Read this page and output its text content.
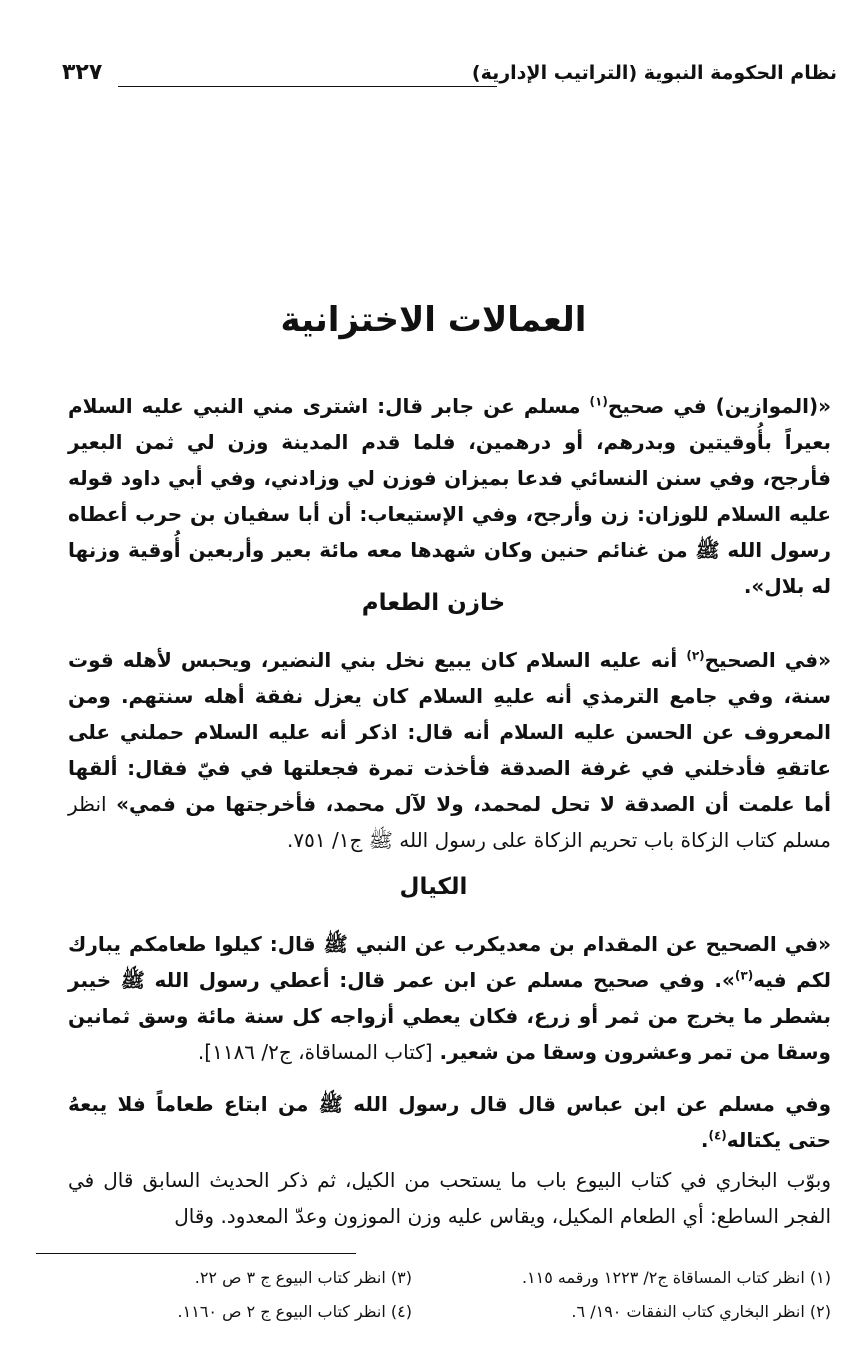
نظام الحكومة النبوية (التراتيب الإدارية)
٣٢٧
العمالات الاختزانية

«(الموازين) في صحيح$^{(١)}$ مسلم عن جابر قال: اشترى مني النبي عليه السلام بعيراً بأُوقيتين وبدرهم، أو درهمين، فلما قدم المدينة وزن لي ثمن البعير فأرجح، وفي سنن النسائي فدعا بميزان فوزن لي وزادني، وفي أبي داود قوله عليه السلام للوزان: زن وأرجح، وفي الإستيعاب: أن أبا سفيان بن حرب أعطاه رسول الله ﷺ من غنائم حنين وكان شهدها معه مائة بعير وأربعين أُوقية وزنها له بلال».

خازن الطعام

«في الصحيح$^{(٢)}$ أنه عليه السلام كان يبيع نخل بني النضير، ويحبس لأهله قوت سنة، وفي جامع الترمذي أنه عليهِ السلام كان يعزل نفقة أهله سنتهم. ومن المعروف عن الحسن عليه السلام أنه قال: اذكر أنه عليه السلام حملني على عاتقهِ فأدخلني في غرفة الصدقة فأخذت تمرة فجعلتها في فيّ فقال: ألقها أما علمت أن الصدقة لا تحل لمحمد، ولا لآل محمد، فأخرجتها من فمي» انظر مسلم كتاب الزكاة باب تحريم الزكاة على رسول الله ﷺ ج١/ ٧٥١.

الكيال

«في الصحيح عن المقدام بن معديكرب عن النبي ﷺ قال: كيلوا طعامكم يبارك لكم فيه$^{(٣)}$». وفي صحيح مسلم عن ابن عمر قال: أعطي رسول الله ﷺ خيبر بشطر ما يخرج من ثمر أو زرع، فكان يعطي أزواجه كل سنة مائة وسق ثمانين وسقا من تمر وعشرون وسقا من شعير. [كتاب المساقاة، ج٢/ ١١٨٦].

وفي مسلم عن ابن عباس قال قال رسول الله ﷺ من ابتاع طعاماً فلا يبعهُ حتى يكتاله$^{(٤)}$.

وبوّب البخاري في كتاب البيوع باب ما يستحب من الكيل، ثم ذكر الحديث السابق قال في الفجر الساطع: أي الطعام المكيل، ويقاس عليه وزن الموزون وعدّ المعدود. وقال

(١) انظر كتاب المساقاة ج٢/ ١٢٢٣ ورقمه ١١٥.
(٢) انظر البخاري كتاب النفقات ١٩٠/ ٦.
(٣) انظر كتاب البيوع ج ٣ ص ٢٢.
(٤) انظر كتاب البيوع ج ٢ ص ١١٦٠.
